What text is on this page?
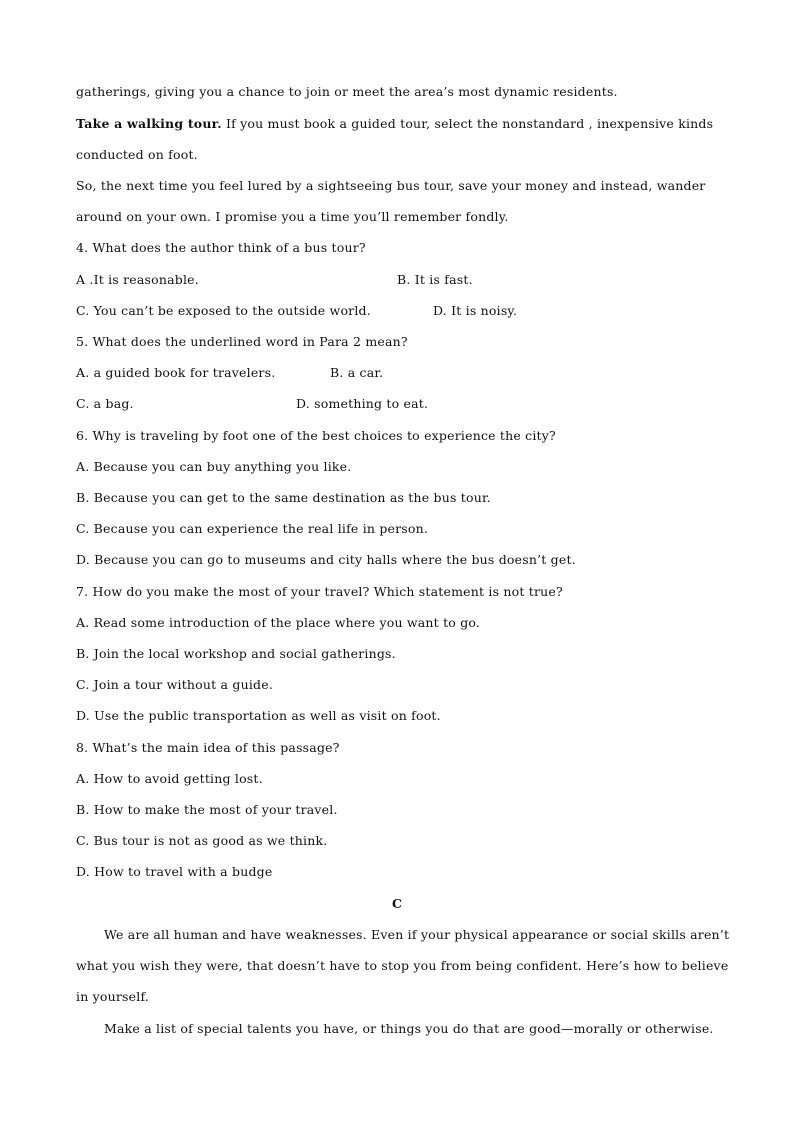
gatherings, giving you a chance to join or meet the area’s most dynamic residents.
Take a walking tour. If you must book a guided tour, select the nonstandard , inexpensive kinds
conducted on foot.
So, the next time you feel lured by a sightseeing bus tour, save your money and instead, wander
around on your own. I promise you a time you’ll remember fondly.
4. What does the author think of a bus tour?
A .It is reasonable.	B. It is fast.
C. You can’t be exposed to the outside world.	D. It is noisy.
5. What does the underlined word in Para 2 mean?
A. a guided book for travelers.	B. a car.
C. a bag.	D. something to eat.
6. Why is traveling by foot one of the best choices to experience the city?
A. Because you can buy anything you like.
B. Because you can get to the same destination as the bus tour.
C. Because you can experience the real life in person.
D. Because you can go to museums and city halls where the bus doesn’t get.
7. How do you make the most of your travel? Which statement is not true?
A. Read some introduction of the place where you want to go.
B. Join the local workshop and social gatherings.
C. Join a tour without a guide.
D. Use the public transportation as well as visit on foot.
8. What’s the main idea of this passage?
A. How to avoid getting lost.
B. How to make the most of your travel.
C. Bus tour is not as good as we think.
D. How to travel with a budge
C
We are all human and have weaknesses. Even if your physical appearance or social skills aren’t
what you wish they were, that doesn’t have to stop you from being confident. Here’s how to believe
in yourself.
Make a list of special talents you have, or things you do that are good—morally or otherwise.
